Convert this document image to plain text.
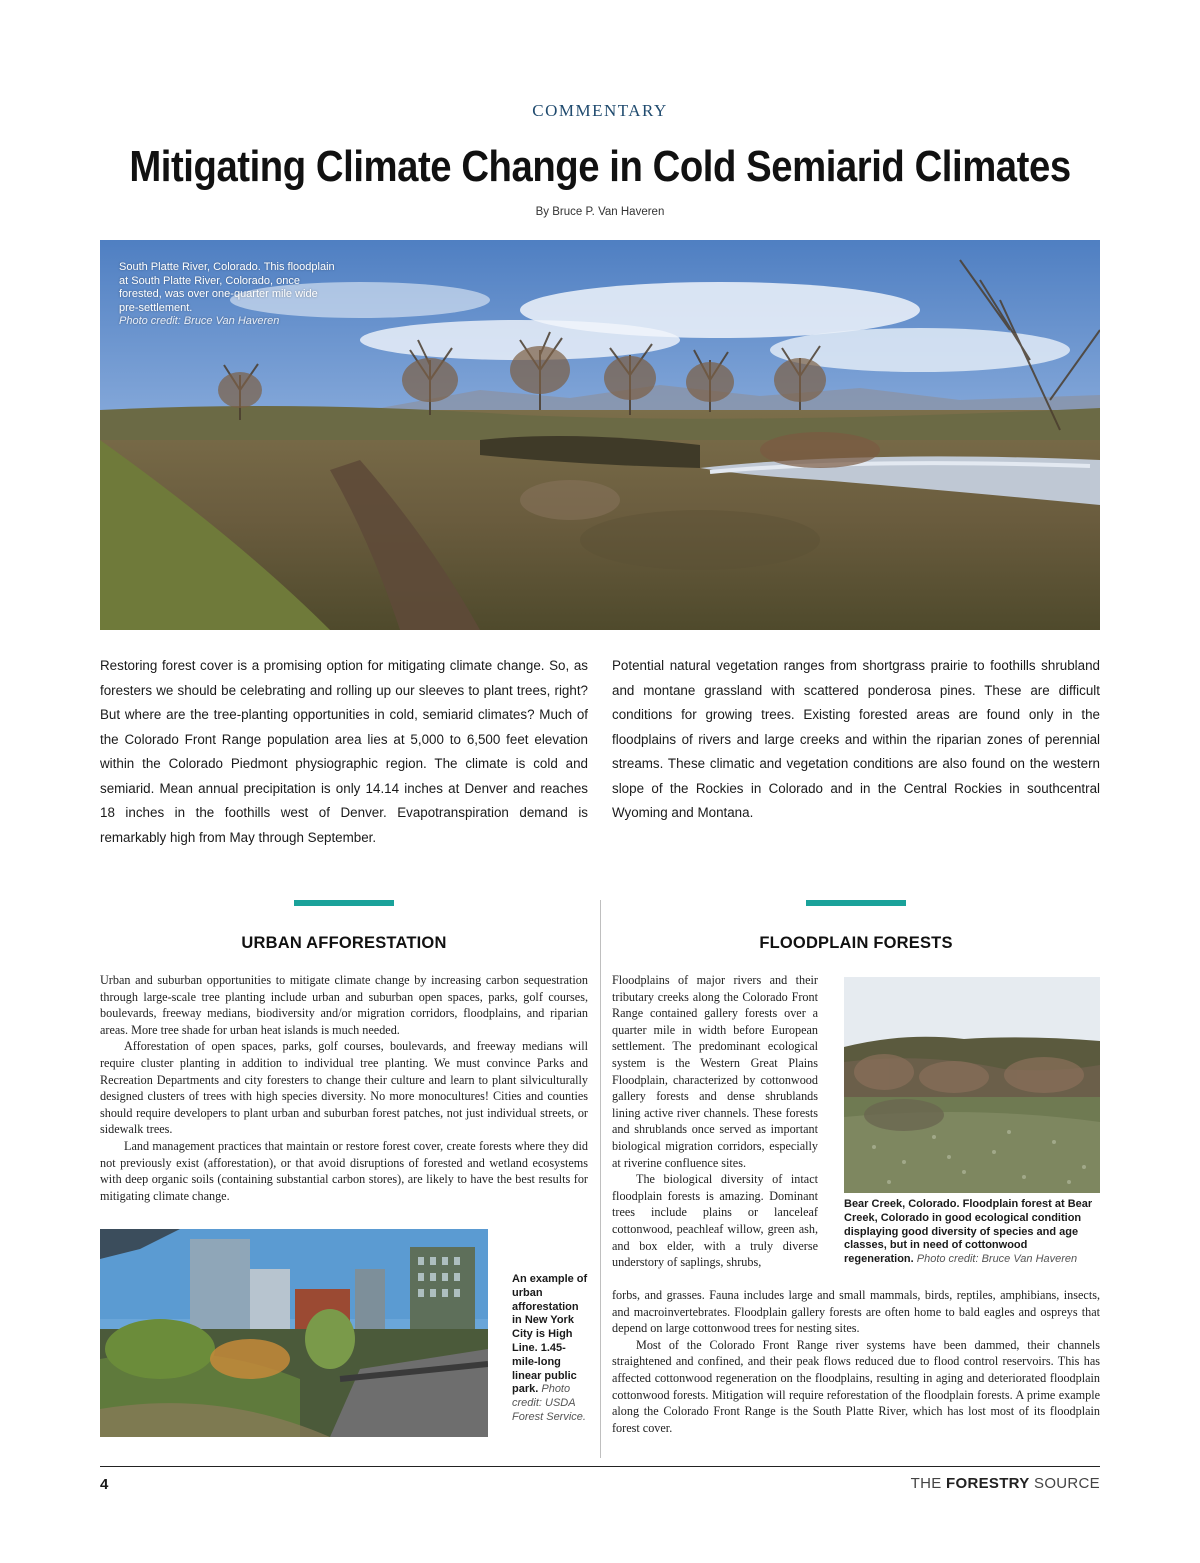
COMMENTARY
Mitigating Climate Change in Cold Semiarid Climates
By Bruce P. Van Haveren
South Platte River, Colorado. This floodplain at South Platte River, Colorado, once forested, was over one-quarter mile wide pre-settlement.
Photo credit: Bruce Van Haveren
Restoring forest cover is a promising option for mitigating climate change. So, as foresters we should be celebrating and rolling up our sleeves to plant trees, right? But where are the tree-planting opportunities in cold, semiarid climates? Much of the Colorado Front Range population area lies at 5,000 to 6,500 feet elevation within the Colorado Piedmont physiographic region. The climate is cold and semiarid. Mean annual precipitation is only 14.14 inches at Denver and reaches 18 inches in the foothills west of Denver. Evapotranspiration demand is remarkably high from May through September.
Potential natural vegetation ranges from shortgrass prairie to foothills shrubland and montane grassland with scattered ponderosa pines. These are difficult conditions for growing trees. Existing forested areas are found only in the floodplains of rivers and large creeks and within the riparian zones of perennial streams. These climatic and vegetation conditions are also found on the western slope of the Rockies in Colorado and in the Central Rockies in southcentral Wyoming and Montana.
URBAN AFFORESTATION	FLOODPLAIN FORESTS

Urban and suburban opportunities to mitigate climate change by increasing carbon sequestration through large-scale tree planting include urban and suburban open spaces, parks, golf courses, boulevards, freeway medians, biodiversity and/or migration corridors, floodplains, and riparian areas. More tree shade for urban heat islands is much needed.

Afforestation of open spaces, parks, golf courses, boulevards, and freeway medians will require cluster planting in addition to individual tree planting. We must convince Parks and Recreation Departments and city foresters to change their culture and learn to plant silviculturally designed clusters of trees with high species diversity. No more monocultures! Cities and counties should require developers to plant urban and suburban forest patches, not just individual streets, or sidewalk trees.

Land management practices that maintain or restore forest cover, create forests where they did not previously exist (afforestation), or that avoid disruptions of forested and wetland ecosystems with deep organic soils (containing substantial carbon stores), are likely to have the best results for mitigating climate change.

An example of urban afforestation in New York City is High Line. 1.45-mile-long linear public park. Photo credit: USDA Forest Service.

Floodplains of major rivers and their tributary creeks along the Colorado Front Range contained gallery forests over a quarter mile in width before European settlement. The predominant ecological system is the Western Great Plains Floodplain, characterized by cottonwood gallery forests and dense shrublands lining active river channels. These forests and shrublands once served as important biological migration corridors, especially at riverine confluence sites.

The biological diversity of intact floodplain forests is amazing. Dominant trees include plains or lanceleaf cottonwood, peachleaf willow, green ash, and box elder, with a truly diverse understory of saplings, shrubs,

Bear Creek, Colorado. Floodplain forest at Bear Creek, Colorado in good ecological condition displaying good diversity of species and age classes, but in need of cottonwood regeneration. Photo credit: Bruce Van Haveren

forbs, and grasses. Fauna includes large and small mammals, birds, reptiles, amphibians, insects, and macroinvertebrates. Floodplain gallery forests are often home to bald eagles and ospreys that depend on large cottonwood trees for nesting sites.

Most of the Colorado Front Range river systems have been dammed, their channels straightened and confined, and their peak flows reduced due to flood control reservoirs. This has affected cottonwood regeneration on the floodplains, resulting in aging and deteriorated floodplain cottonwood forests. Mitigation will require reforestation of the floodplain forests. A prime example along the Colorado Front Range is the South Platte River, which has lost most of its floodplain forest cover.

4	THE FORESTRY SOURCE
